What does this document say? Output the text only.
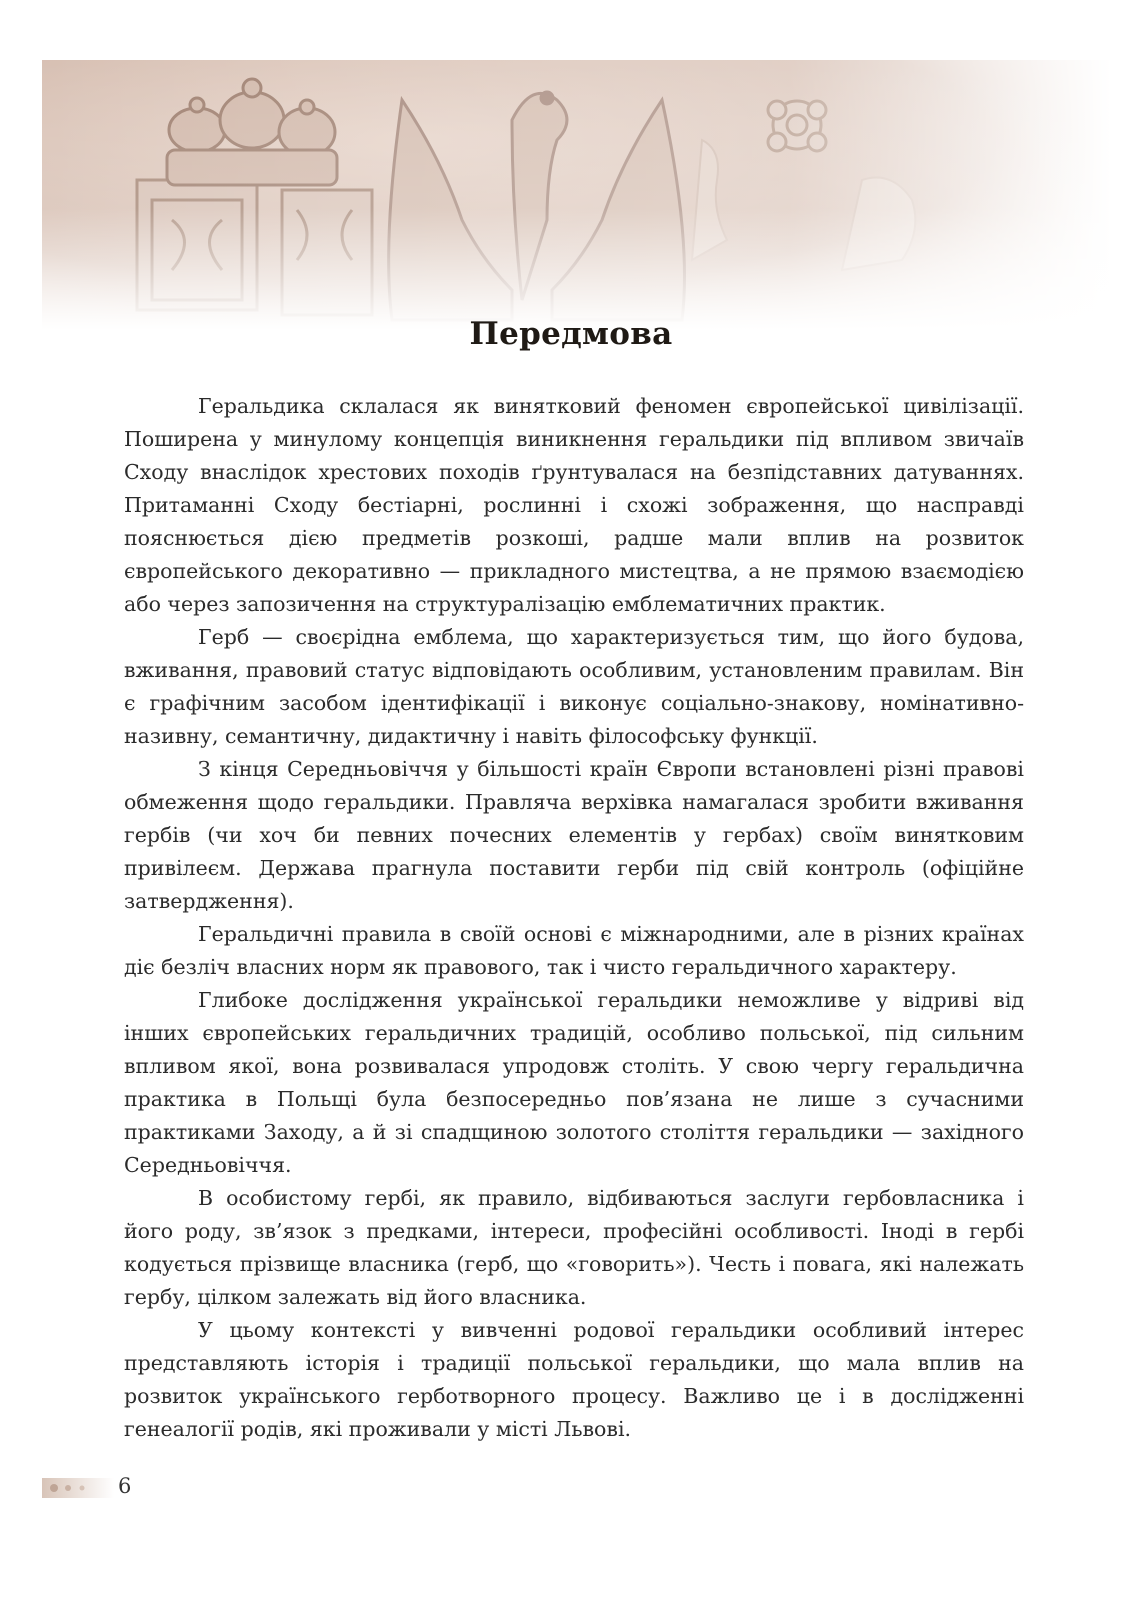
Передмова

Геральдика склалася як винятковий феномен європейської цивілізації. Поширена у минулому концепція виникнення геральдики під впливом звичаїв Сходу внаслідок хрестових походів ґрунтувалася на безпідставних датуваннях. Притаманні Сходу бестіарні, рослинні і схожі зображення, що насправді пояснюється дією предметів розкоші, радше мали вплив на розвиток європейського декоративно — прикладного мистецтва, а не прямою взаємодією або через запозичення на структуралізацію емблематичних практик.

Герб — своєрідна емблема, що характеризується тим, що його будова, вживання, правовий статус відповідають особливим, установленим правилам. Він є графічним засобом ідентифікації і виконує соціально-знакову, номінативно-називну, семантичну, дидактичну і навіть філософську функції.

З кінця Середньовіччя у більшості країн Європи встановлені різні правові обмеження щодо геральдики. Правляча верхівка намагалася зробити вживання гербів (чи хоч би певних почесних елементів у гербах) своїм винятковим привілеєм. Держава прагнула поставити герби під свій контроль (офіційне затвердження).

Геральдичні правила в своїй основі є міжнародними, але в різних країнах діє безліч власних норм як правового, так і чисто геральдичного характеру.

Глибоке дослідження української геральдики неможливе у відриві від інших європейських геральдичних традицій, особливо польської, під сильним впливом якої, вона розвивалася упродовж століть. У свою чергу геральдична практика в Польщі була безпосередньо пов’язана не лише з сучасними практиками Заходу, а й зі спадщиною золотого століття геральдики — західного Середньовіччя.

В особистому гербі, як правило, відбиваються заслуги гербовласника і його роду, зв’язок з предками, інтереси, професійні особливості. Іноді в гербі кодується прізвище власника (герб, що «говорить»). Честь і повага, які належать гербу, цілком залежать від його власника.

У цьому контексті у вивченні родової геральдики особливий інтерес представляють історія і традиції польської геральдики, що мала вплив на розвиток українського герботворного процесу. Важливо це і в дослідженні генеалогії родів, які проживали у місті Львові.

6
